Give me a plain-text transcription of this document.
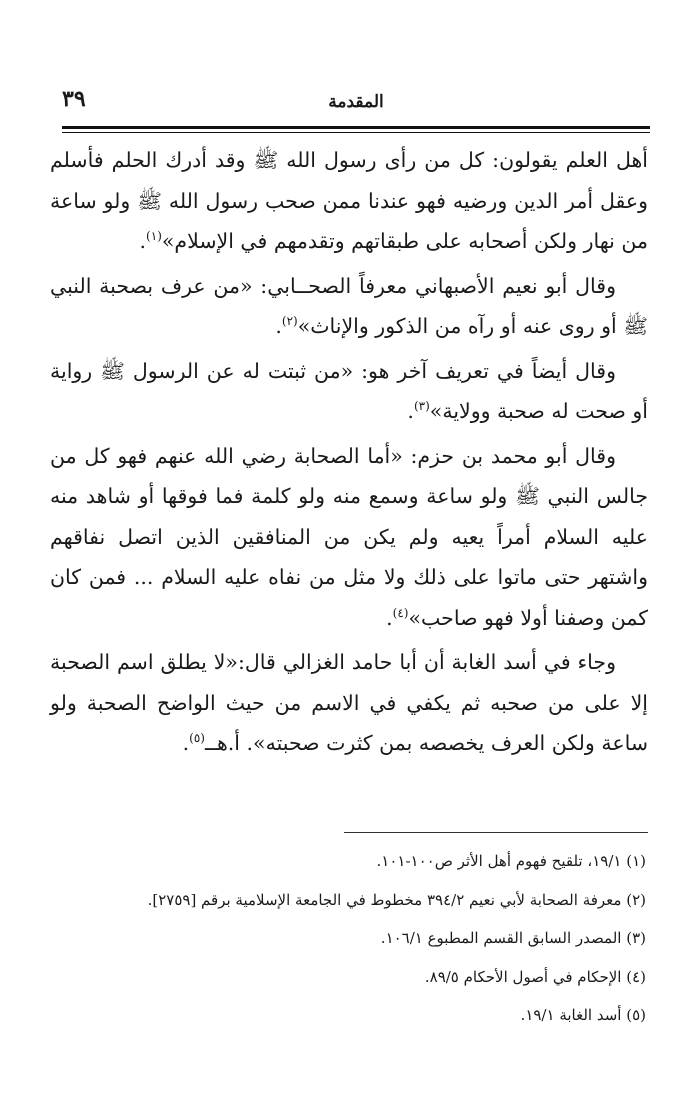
المقدمة
٣٩

أهل العلم يقولون: كل من رأى رسول الله ﷺ وقد أدرك الحلم فأسلم وعقل أمر الدين ورضيه فهو عندنا ممن صحب رسول الله ﷺ ولو ساعة من نهار ولكن أصحابه على طبقاتهم وتقدمهم في الإسلام»$^{(١)}$.

وقال أبو نعيم الأصبهاني معرفاً الصحــابي: «من عرف بصحبة النبي ﷺ أو روى عنه أو رآه من الذكور والإناث»$^{(٢)}$.

وقال أيضاً في تعريف آخر هو: «من ثبتت له عن الرسول ﷺ رواية أو صحت له صحبة وولاية»$^{(٣)}$.

وقال أبو محمد بن حزم: «أما الصحابة رضي الله عنهم فهو كل من جالس النبي ﷺ ولو ساعة وسمع منه ولو كلمة فما فوقها أو شاهد منه عليه السلام أمراً يعيه ولم يكن من المنافقين الذين اتصل نفاقهم واشتهر حتى ماتوا على ذلك ولا مثل من نفاه عليه السلام ... فمن كان كمن وصفنا أولا فهو صاحب»$^{(٤)}$.

وجاء في أسد الغابة أن أبا حامد الغزالي قال:«لا يطلق اسم الصحبة إلا على من صحبه ثم يكفي في الاسم من حيث الواضح الصحبة ولو ساعة ولكن العرف يخصصه بمن كثرت صحبته». أ.هــ$^{(٥)}$.

(١) ١٩/١، تلقيح فهوم أهل الأثر ص١٠٠-١٠١.
(٢) معرفة الصحابة لأبي نعيم ٣٩٤/٢ مخطوط في الجامعة الإسلامية برقم [٢٧٥٩].
(٣) المصدر السابق القسم المطبوع ١٠٦/١.
(٤) الإحكام في أصول الأحكام ٨٩/٥.
(٥) أسد الغابة ١٩/١.
